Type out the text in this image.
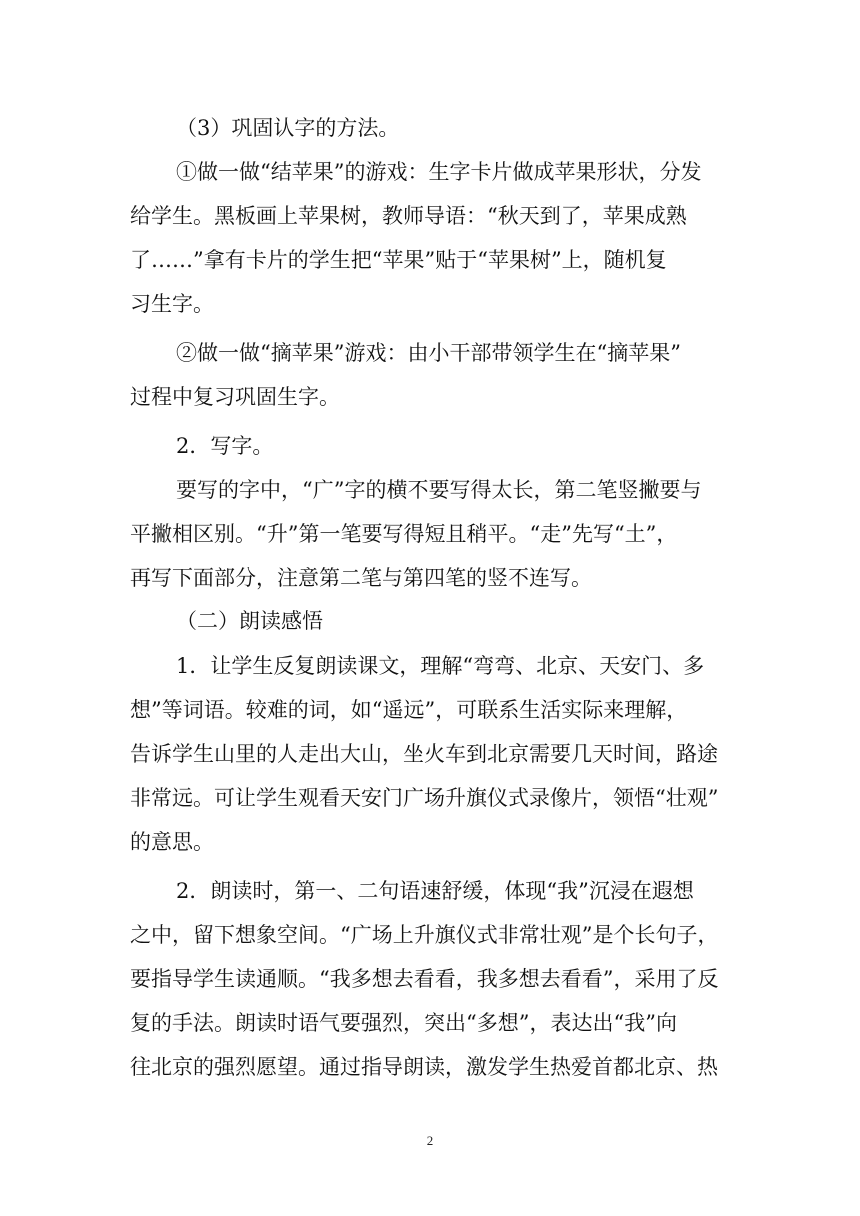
（3）巩固认字的方法。
①做一做“结苹果”的游戏：生字卡片做成苹果形状，分发
给学生。黑板画上苹果树，教师导语：“秋天到了，苹果成熟
了……”拿有卡片的学生把“苹果”贴于“苹果树”上，随机复
习生字。
②做一做“摘苹果”游戏：由小干部带领学生在“摘苹果”
过程中复习巩固生字。
2．写字。
要写的字中，“广”字的横不要写得太长，第二笔竖撇要与
平撇相区别。“升”第一笔要写得短且稍平。“走”先写“土”，
再写下面部分，注意第二笔与第四笔的竖不连写。
（二）朗读感悟
1．让学生反复朗读课文，理解“弯弯、北京、天安门、多
想”等词语。较难的词，如“遥远”，可联系生活实际来理解，
告诉学生山里的人走出大山，坐火车到北京需要几天时间，路途
非常远。可让学生观看天安门广场升旗仪式录像片，领悟“壮观”
的意思。
2．朗读时，第一、二句语速舒缓，体现“我”沉浸在遐想
之中，留下想象空间。“广场上升旗仪式非常壮观”是个长句子，
要指导学生读通顺。“我多想去看看，我多想去看看”，采用了反
复的手法。朗读时语气要强烈，突出“多想”，表达出“我”向
往北京的强烈愿望。通过指导朗读，激发学生热爱首都北京、热
2
